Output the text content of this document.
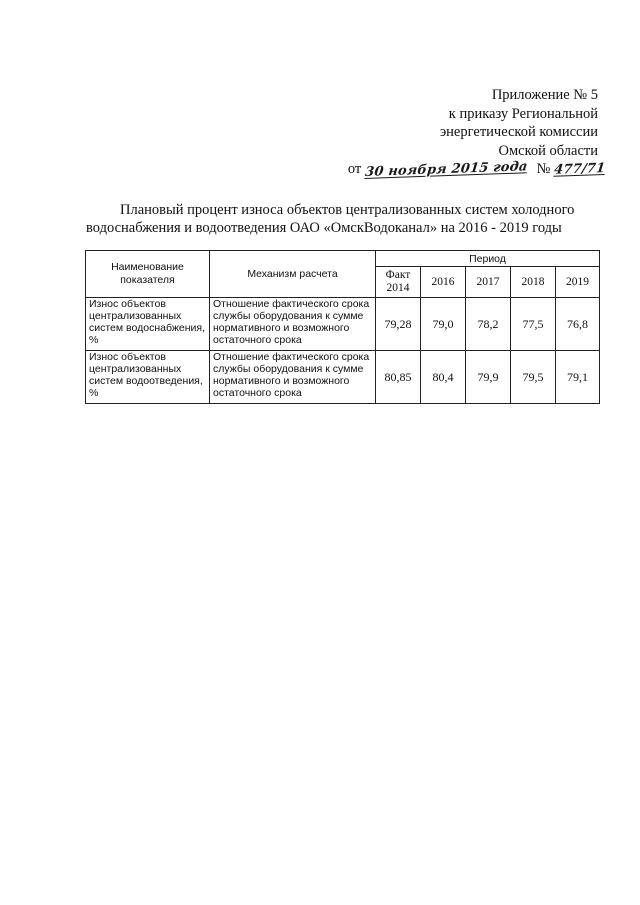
Приложение № 5
к приказу Региональной
энергетической комиссии
Омской области
от 30 ноября 2015 года № 477/71
Плановый процент износа объектов централизованных систем холодного водоснабжения и водоотведения ОАО «ОмскВодоканал» на 2016 - 2019 годы
Наименование показателя	Механизм расчета	Период				
		Факт 2014	2016	2017	2018	2019
Износ объектов централизованных систем водоснабжения, %	Отношение фактического срока службы оборудования к сумме нормативного и возможного остаточного срока	79,28	79,0	78,2	77,5	76,8
Износ объектов централизованных систем водоотведения, %	Отношение фактического срока службы оборудования к сумме нормативного и возможного остаточного срока	80,85	80,4	79,9	79,5	79,1
